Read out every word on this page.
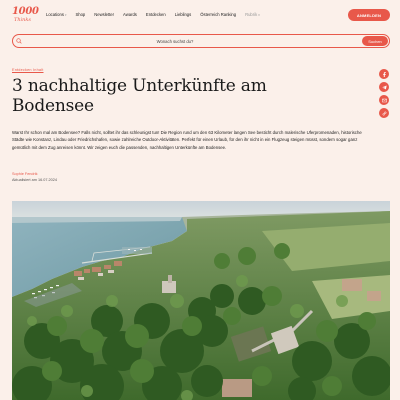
1000
Thinks
Locations▾ Shop Newsletter Awards Entdecken Lieblings Österreich Ranking Rubrik▾	ANMELDEN
Wonach suchst du?
Suchen
Entdecken Inhalt
3 nachhaltige Unterkünfte am Bodensee

Warst Ihr schon mal am Bodensee? Falls nicht, solltet ihr das schleunigst tun! Die Region rund um den 63 Kilometer langen See besticht durch malerische Uferpromenaden, historische Städte wie Konstanz, Lindau oder Friedrichshafen, sowie zahlreiche Outdoor-Aktivitäten. Perfekt für einen Urlaub, für den ihr nicht in ein Flugzeug steigen müsst, sondern sogar ganz gemütlich mit dem Zug anreisen könnt. Wir zeigen euch die passenden, nachhaltigen Unterkünfte am Bodensee.

Sophie Fendrik
Aktualisiert am 16.07.2024
